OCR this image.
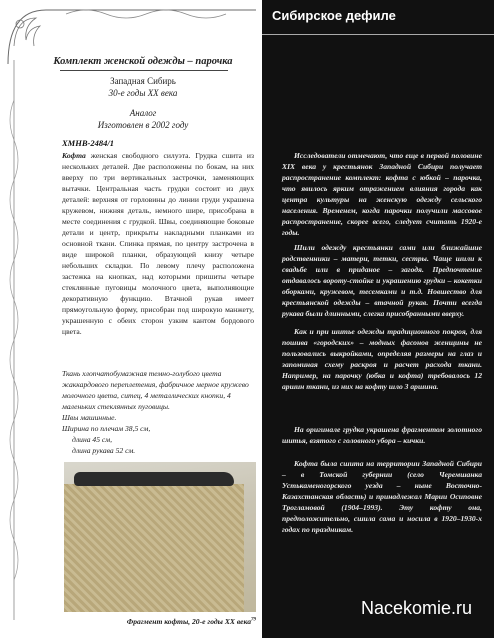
Комплект женской одежды – парочка
Западная Сибирь
30-е годы XX века
Аналог
Изготовлен в 2002 году
ХМНВ-2484/1
Кофта женская свободного силуэта. Грудка сшита из нескольких деталей. Две расположены по бокам, на них вверху по три вертикальных застрочки, заменяющих вытачки. Центральная часть грудки состоит из двух деталей: верхняя от горловины до линии груди украшена кружевом, нижняя деталь, немного шире, присобрана в месте соединения с грудкой. Швы, соединяющие боковые детали и центр, прикрыты накладными планками из основной ткани. Спинка прямая, по центру застрочена в виде широкой планки, образующей книзу четыре небольших складки. По левому плечу расположена застежка на кнопках, над которыми пришиты четыре стеклянные пуговицы молочного цвета, выполняющие декоративную функцию. Втачной рукав имеет прямоугольную форму, присобран под широкую манжету, украшенную с обеих сторон узким кантом бордового цвета.
Ткань хлопчатобумажная темно-голубого цвета жаккардового переплетения, фабричное мерное кружево молочного цвета, ситец, 4 металлических кнопки, 4 маленьких стеклянных пуговицы.
Швы машинные.
Ширина по плечам 38,5 см,
длина 45 см,
длина рукава 52 см.
Фрагмент кофты, 20-е годы XX века$^{79}$
Сибирское дефиле

Исследователи отмечают, что еще в первой половине XIX века у крестьянок Западной Сибири получает распространение комплект: кофта с юбкой – парочка, что явилось ярким отражением влияния города как центра культуры на женскую одежду сельского населения. Временем, когда парочки получили массовое распространение, скорее всего, следует считать 1920-е годы.

Шили одежду крестьянки сами или ближайшие родственники – матери, тетки, сестры. Чаще шили к свадьбе или в приданое – загодя. Предпочтение отдавалось вороту-стойке и украшению грудки – кокетки оборками, кружевом, тесемками и т.д. Новшество для крестьянской одежды – втачной рукав. Почти всегда рукава были длинными, слегка присобранными вверху.

Как и при шитье одежды традиционного покроя, для пошива «городских» – модных фасонов женщины не пользовались выкройками, определяя размеры на глаз и запоминая схему раскроя и расчет расхода ткани. Например, на парочку (юбка и кофта) требовалось 12 аршин ткани, из них на кофту шло 3 аршина.

На оригинале грудка украшена фрагментом золотного шитья, взятого с головного убора – кички.

Кофта была сшита на территории Западной Сибири – в Томской губернии (село Черемшанка Устькаменогорского уезда – ныне Восточно-Казахстанская область) и принадлежал Марии Осиповне Трогламовой (1904–1993). Эту кофту она, предположительно, сшила сама и носила в 1920–1930-х годах по праздникам.

Nacekomie.ru
